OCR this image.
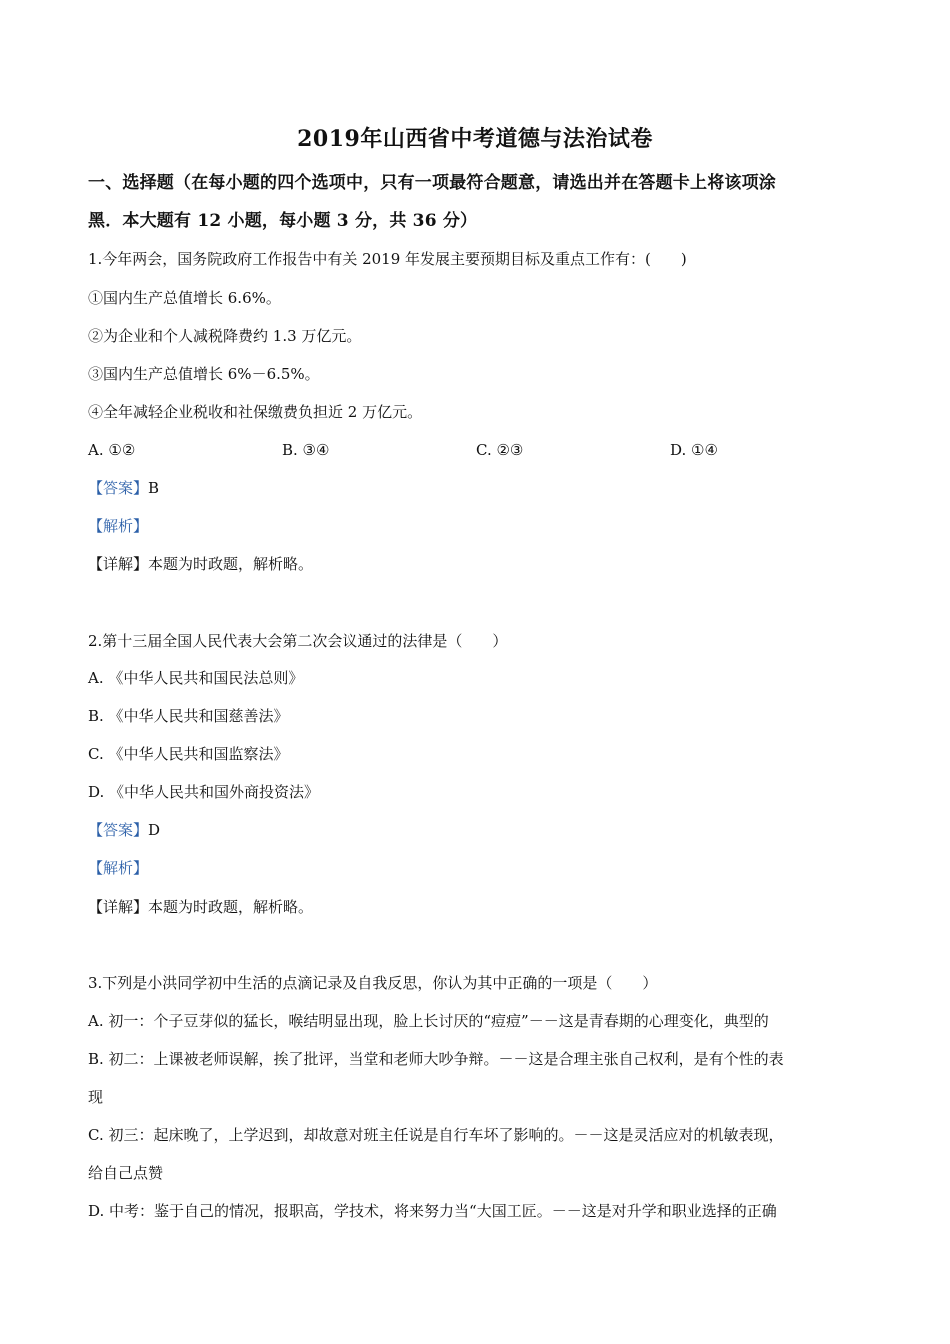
2019年山西省中考道德与法治试卷
一、选择题（在每小题的四个选项中，只有一项最符合题意，请选出并在答题卡上将该项涂
黑．本大题有 12 小题，每小题 3 分，共 36 分）
1.今年两会，国务院政府工作报告中有关 2019 年发展主要预期目标及重点工作有：(　　)
①国内生产总值增长 6.6%。
②为企业和个人减税降费约 1.3 万亿元。
③国内生产总值增长 6%－6.5%。
④全年减轻企业税收和社保缴费负担近 2 万亿元。
A. ①②	B. ③④	C. ②③	D. ①④
【答案】B
【解析】
【详解】本题为时政题，解析略。
2.第十三届全国人民代表大会第二次会议通过的法律是（　　）
A. 《中华人民共和国民法总则》
B. 《中华人民共和国慈善法》
C. 《中华人民共和国监察法》
D. 《中华人民共和国外商投资法》
【答案】D
【解析】
【详解】本题为时政题，解析略。
3.下列是小洪同学初中生活的点滴记录及自我反思，你认为其中正确的一项是（　　）
A. 初一：个子豆芽似的猛长，喉结明显出现，脸上长讨厌的“痘痘”－－这是青春期的心理变化，典型的
B. 初二：上课被老师误解，挨了批评，当堂和老师大吵争辩。－－这是合理主张自己权利，是有个性的表
现
C. 初三：起床晚了，上学迟到，却故意对班主任说是自行车坏了影响的。－－这是灵活应对的机敏表现，
给自己点赞
D. 中考：鉴于自己的情况，报职高，学技术，将来努力当“大国工匠。－－这是对升学和职业选择的正确
